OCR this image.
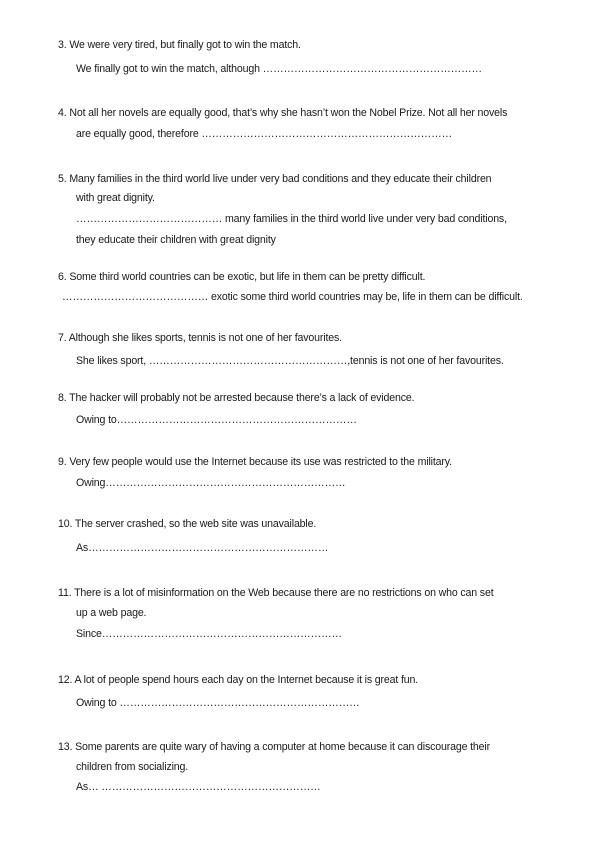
3. We were very tired, but finally got to win the match.
We finally got to win the match, although ………………………………………………………
4. Not all her novels are equally good, that’s why she hasn’t won the Nobel Prize. Not all her novels
are equally good, therefore ………………………………………………………………
5. Many families in the third world live under very bad conditions and they educate their children
with great dignity.
…………………………………… many families in the third world live under very bad conditions,
they educate their children with great dignity
6. Some third world countries can be exotic, but life in them can be pretty difficult.
…………………………………… exotic some third world countries may be, life in them can be difficult.
7. Although she likes sports, tennis is not one of her favourites.
She likes sport, …………………………………………………,tennis is not one of her favourites.
8. The hacker will probably not be arrested because there’s a lack of evidence.
Owing to……………………………………………………………
9. Very few people would use the Internet because its use was restricted to the military.
Owing……………………………………………………………
10. The server crashed, so the web site was unavailable.
As……………………………………………………………
11. There is a lot of misinformation on the Web because there are no restrictions on who can set
up a web page.
Since……………………………………………………………
12. A lot of people spend hours each day on the Internet because it is great fun.
Owing to ……………………………………………………………
13. Some parents are quite wary of having a computer at home because it can discourage their
children from socializing.
As… ………………………………………………………
